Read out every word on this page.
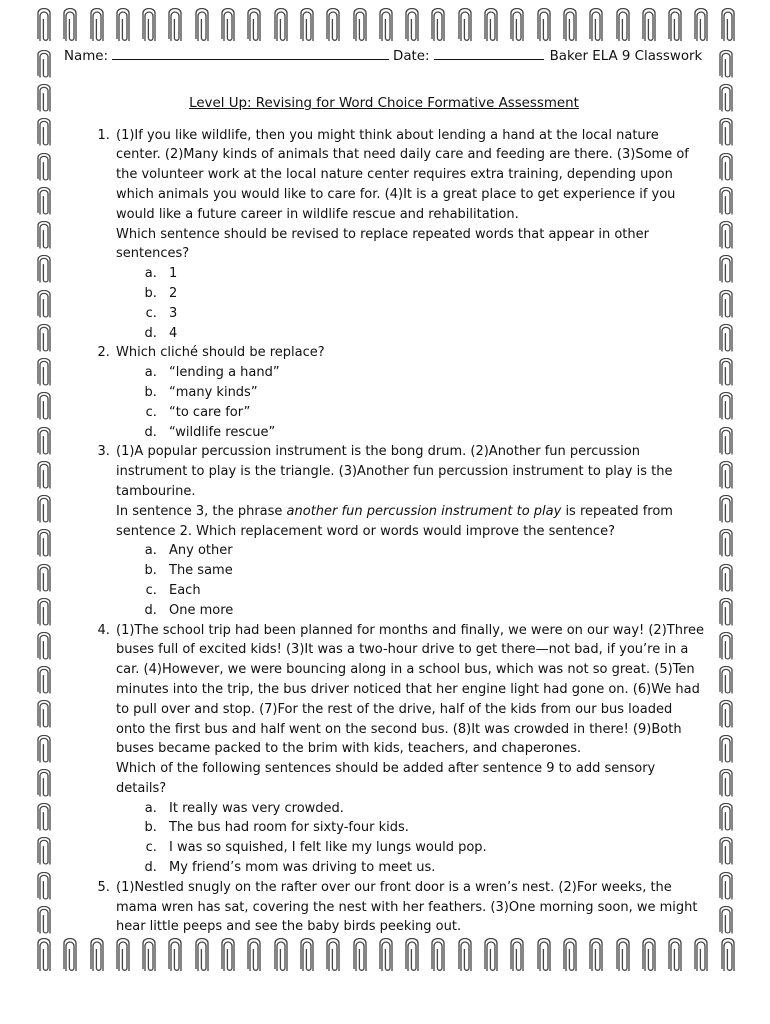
Name:	Date:	Baker ELA 9 Classwork
Level Up: Revising for Word Choice Formative Assessment

1. (1)If you like wildlife, then you might think about lending a hand at the local nature center. (2)Many kinds of animals that need daily care and feeding are there. (3)Some of the volunteer work at the local nature center requires extra training, depending upon which animals you would like to care for. (4)It is a great place to get experience if you would like a future career in wildlife rescue and rehabilitation.

Which sentence should be revised to replace repeated words that appear in other sentences?

a. 1
b. 2
c. 3
d. 4

2. Which cliché should be replace?

a. “lending a hand”
b. “many kinds”
c. “to care for”
d. “wildlife rescue”

3. (1)A popular percussion instrument is the bong drum. (2)Another fun percussion instrument to play is the triangle. (3)Another fun percussion instrument to play is the tambourine.

In sentence 3, the phrase another fun percussion instrument to play is repeated from sentence 2. Which replacement word or words would improve the sentence?

a. Any other
b. The same
c. Each
d. One more

4. (1)The school trip had been planned for months and finally, we were on our way! (2)Three buses full of excited kids! (3)It was a two-hour drive to get there—not bad, if you’re in a car. (4)However, we were bouncing along in a school bus, which was not so great. (5)Ten minutes into the trip, the bus driver noticed that her engine light had gone on. (6)We had to pull over and stop. (7)For the rest of the drive, half of the kids from our bus loaded onto the first bus and half went on the second bus. (8)It was crowded in there! (9)Both buses became packed to the brim with kids, teachers, and chaperones.

Which of the following sentences should be added after sentence 9 to add sensory details?

a. It really was very crowded.
b. The bus had room for sixty-four kids.
c. I was so squished, I felt like my lungs would pop.
d. My friend’s mom was driving to meet us.

5. (1)Nestled snugly on the rafter over our front door is a wren’s nest. (2)For weeks, the mama wren has sat, covering the nest with her feathers. (3)One morning soon, we might hear little peeps and see the baby birds peeking out.
